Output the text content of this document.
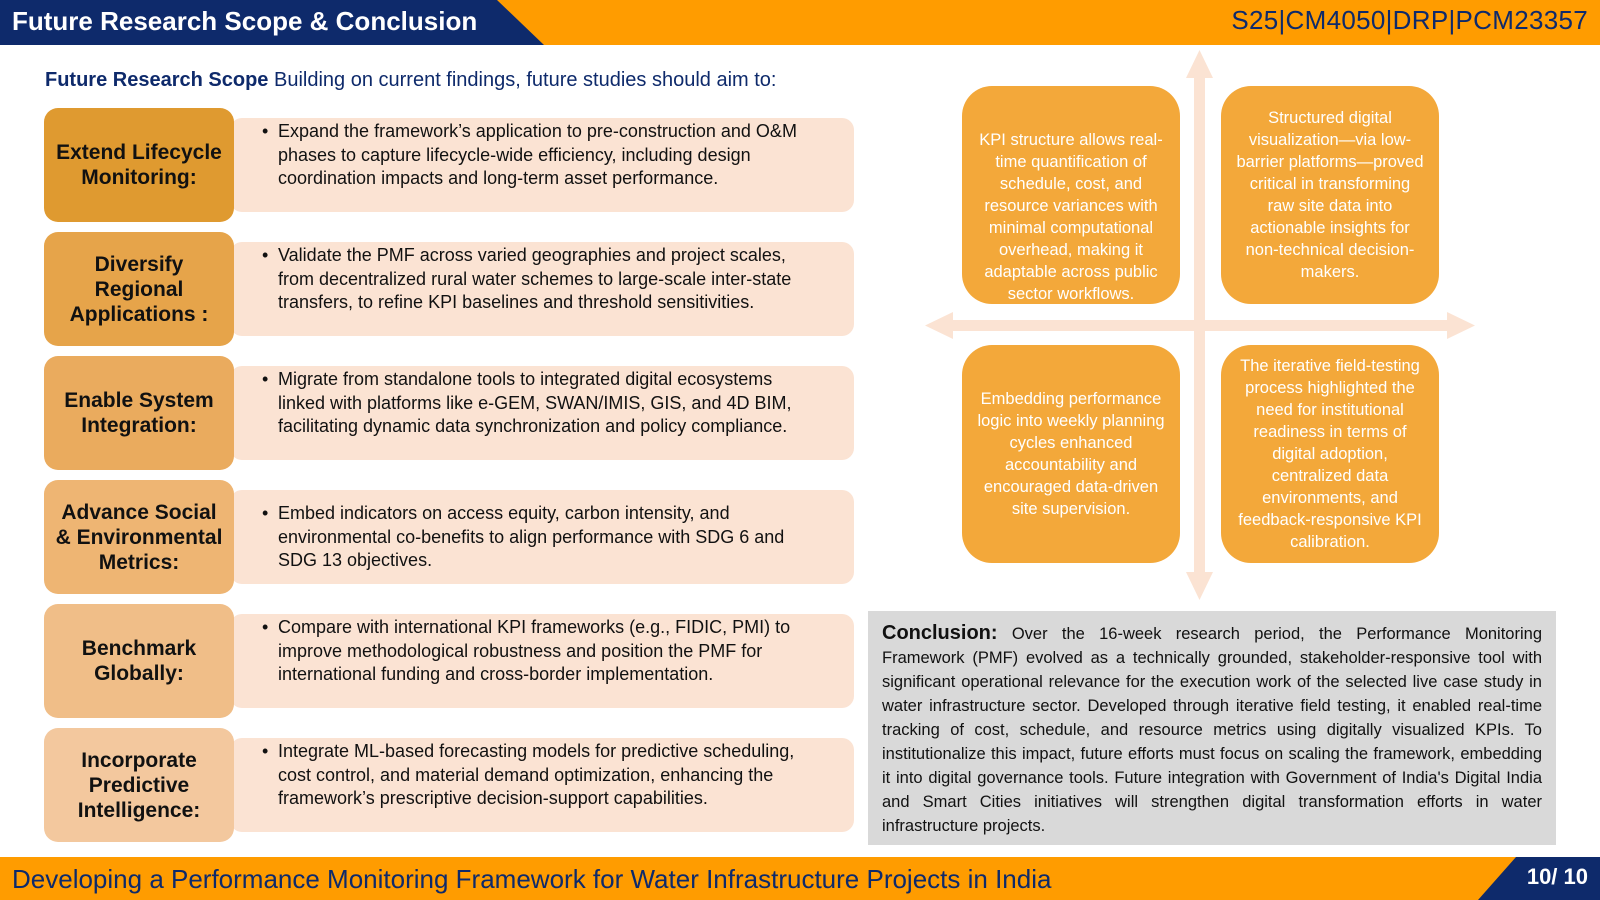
Future Research Scope & Conclusion	S25|CM4050|DRP|PCM23357
Future Research Scope Building on current findings, future studies should aim to:
Extend Lifecycle Monitoring:
• Expand the framework’s application to pre-construction and O&M phases to capture lifecycle-wide efficiency, including design coordination impacts and long-term asset performance.
Diversify Regional Applications :
• Validate the PMF across varied geographies and project scales, from decentralized rural water schemes to large-scale inter-state transfers, to refine KPI baselines and threshold sensitivities.
Enable System Integration:
• Migrate from standalone tools to integrated digital ecosystems linked with platforms like e-GEM, SWAN/IMIS, GIS, and 4D BIM, facilitating dynamic data synchronization and policy compliance.
Advance Social & Environmental Metrics:
• Embed indicators on access equity, carbon intensity, and environmental co-benefits to align performance with SDG 6 and SDG 13 objectives.
Benchmark Globally:
• Compare with international KPI frameworks (e.g., FIDIC, PMI) to improve methodological robustness and position the PMF for international funding and cross-border implementation.
Incorporate Predictive Intelligence:
• Integrate ML-based forecasting models for predictive scheduling, cost control, and material demand optimization, enhancing the framework’s prescriptive decision-support capabilities.
KPI structure allows real-time quantification of schedule, cost, and resource variances with minimal computational overhead, making it adaptable across public sector workflows.
Structured digital visualization—via low-barrier platforms—proved critical in transforming raw site data into actionable insights for non-technical decision-makers.
Embedding performance logic into weekly planning cycles enhanced accountability and encouraged data-driven site supervision.
The iterative field-testing process highlighted the need for institutional readiness in terms of digital adoption, centralized data environments, and feedback-responsive KPI calibration.
Conclusion: Over the 16-week research period, the Performance Monitoring Framework (PMF) evolved as a technically grounded, stakeholder-responsive tool with significant operational relevance for the execution work of the selected live case study in water infrastructure sector. Developed through iterative field testing, it enabled real-time tracking of cost, schedule, and resource metrics using digitally visualized KPIs. To institutionalize this impact, future efforts must focus on scaling the framework, embedding it into digital governance tools. Future integration with Government of India's Digital India and Smart Cities initiatives will strengthen digital transformation efforts in water infrastructure projects.
Developing a Performance Monitoring Framework for Water Infrastructure Projects in India	10/ 10
